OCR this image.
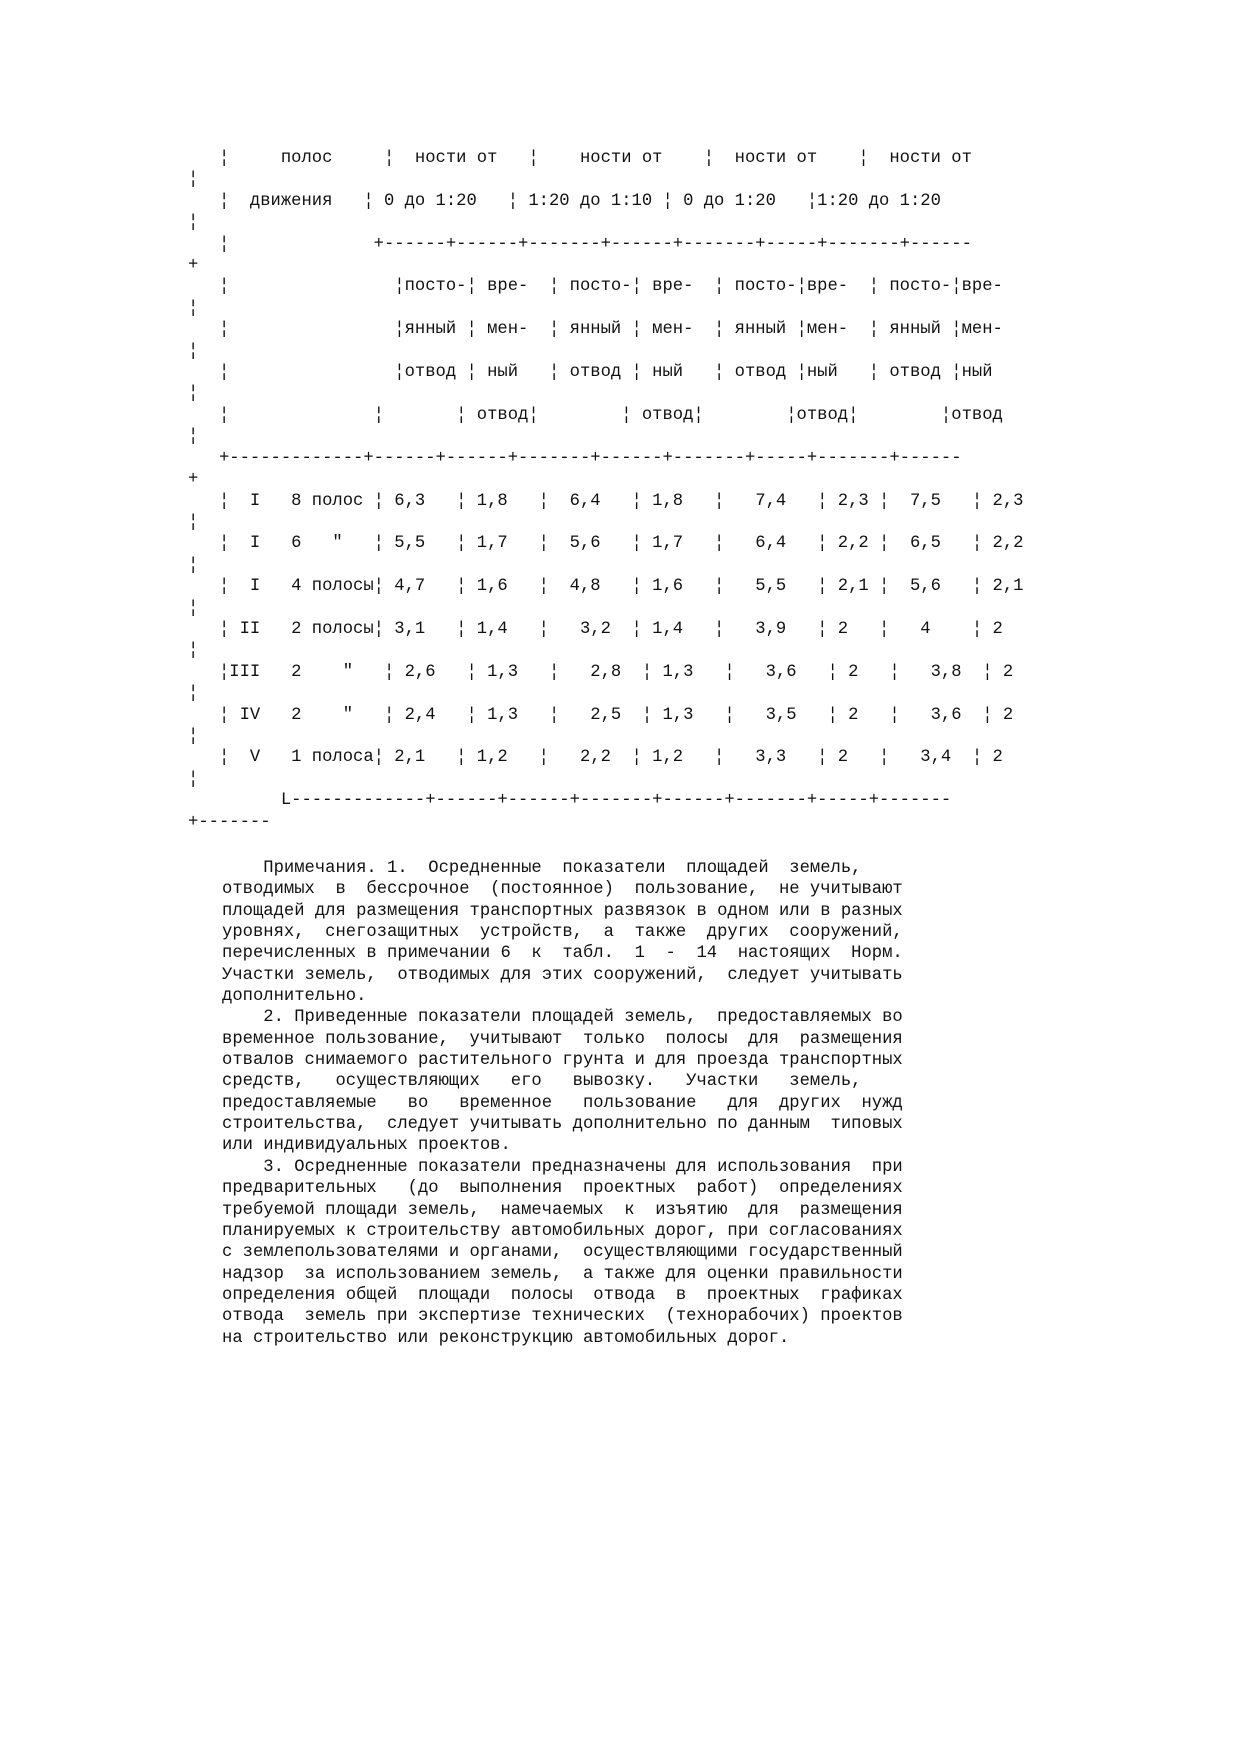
¦     полос     ¦  ности от   ¦    ности от    ¦  ности от    ¦  ности от

¦

¦  движения   ¦ 0 до 1:20   ¦ 1:20 до 1:10 ¦ 0 до 1:20   ¦1:20 до 1:20

¦

¦              +------+------+-------+------+-------+-----+-------+------

+

¦                ¦посто-¦ вре-  ¦ посто-¦ вре-  ¦ посто-¦вре-  ¦ посто-¦вре-

¦

¦                ¦янный ¦ мен-  ¦ янный ¦ мен-  ¦ янный ¦мен-  ¦ янный ¦мен-

¦

¦                ¦отвод ¦ ный   ¦ отвод ¦ ный   ¦ отвод ¦ный   ¦ отвод ¦ный

¦

¦              ¦       ¦ отвод¦        ¦ отвод¦        ¦отвод¦        ¦отвод

¦

+-------------+------+------+-------+------+-------+-----+-------+------

+

¦  I   8 полос ¦ 6,3   ¦ 1,8   ¦  6,4   ¦ 1,8   ¦   7,4   ¦ 2,3 ¦  7,5   ¦ 2,3

¦

¦  I   6   "   ¦ 5,5   ¦ 1,7   ¦  5,6   ¦ 1,7   ¦   6,4   ¦ 2,2 ¦  6,5   ¦ 2,2

¦

¦  I   4 полосы¦ 4,7   ¦ 1,6   ¦  4,8   ¦ 1,6   ¦   5,5   ¦ 2,1 ¦  5,6   ¦ 2,1

¦

¦ II   2 полосы¦ 3,1   ¦ 1,4   ¦   3,2  ¦ 1,4   ¦   3,9   ¦ 2   ¦   4    ¦ 2

¦

¦III   2    "   ¦ 2,6   ¦ 1,3   ¦   2,8  ¦ 1,3   ¦   3,6   ¦ 2   ¦   3,8  ¦ 2

¦

¦ IV   2    "   ¦ 2,4   ¦ 1,3   ¦   2,5  ¦ 1,3   ¦   3,5   ¦ 2   ¦   3,6  ¦ 2

¦

¦  V   1 полоса¦ 2,1   ¦ 1,2   ¦   2,2  ¦ 1,2   ¦   3,3   ¦ 2   ¦   3,4  ¦ 2

¦

L-------------+------+------+-------+------+-------+-----+-------

+-------

Примечания. 1.  Осредненные  показатели  площадей  земель,

отводимых  в  бессрочное  (постоянное)  пользование,  не учитывают

площадей для размещения транспортных развязок в одном или в разных

уровнях,  снегозащитных  устройств,  а  также  других  сооружений,

перечисленных в примечании 6  к  табл.  1  -  14  настоящих  Норм.

Участки земель,  отводимых для этих сооружений,  следует учитывать

дополнительно.

2. Приведенные показатели площадей земель,  предоставляемых во

временное пользование,  учитывают  только  полосы  для  размещения

отвалов снимаемого растительного грунта и для проезда транспортных

средств,   осуществляющих   его   вывозку.   Участки   земель,

предоставляемые   во   временное   пользование   для  других  нужд

строительства,  следует учитывать дополнительно по данным  типовых

или индивидуальных проектов.

3. Осредненные показатели предназначены для использования  при

предварительных   (до  выполнения  проектных  работ)  определениях

требуемой площади земель,  намечаемых  к  изъятию  для  размещения

планируемых к строительству автомобильных дорог, при согласованиях

с землепользователями и органами,  осуществляющими государственный

надзор  за использованием земель,  а также для оценки правильности

определения общей  площади  полосы  отвода  в  проектных  графиках

отвода  земель при экспертизе технических  (технорабочих) проектов

на строительство или реконструкцию автомобильных дорог.
